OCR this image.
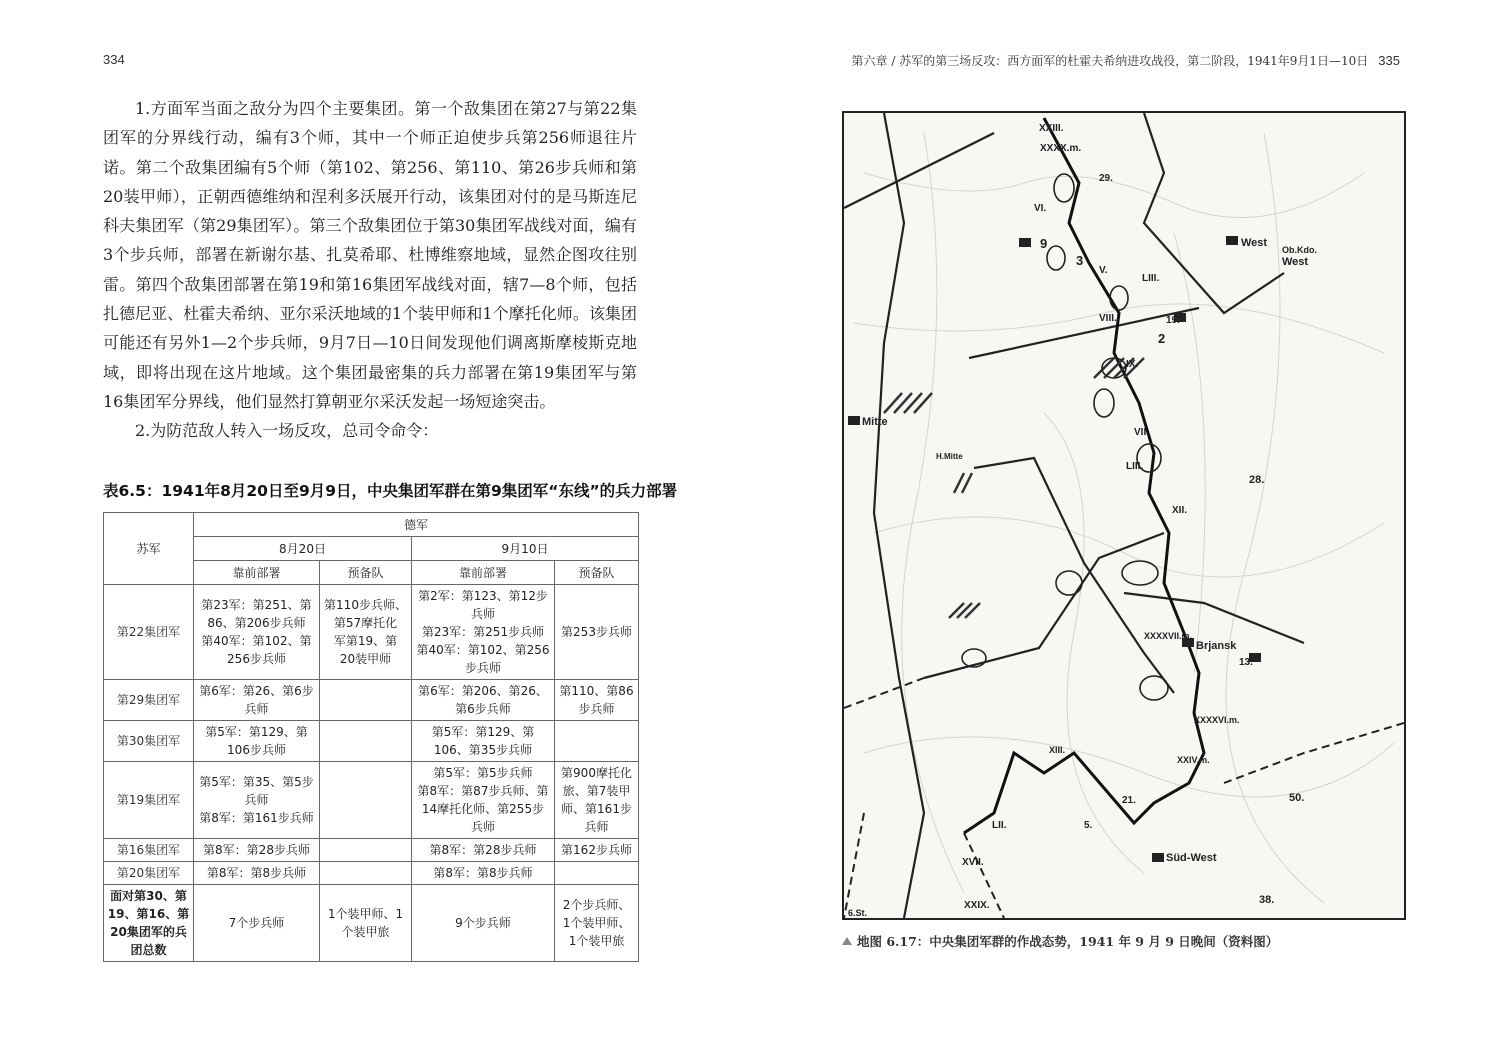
334	第六章 / 苏军的第三场反攻：西方面军的杜霍夫希纳进攻战役，第二阶段，1941年9月1日—10日 335

1.方面军当面之敌分为四个主要集团。第一个敌集团在第27与第22集团军的分界线行动，编有3个师，其中一个师正迫使步兵第256师退往片诺。第二个敌集团编有5个师（第102、第256、第110、第26步兵师和第20装甲师），正朝西德维纳和涅利多沃展开行动，该集团对付的是马斯连尼科夫集团军（第29集团军）。第三个敌集团位于第30集团军战线对面，编有3个步兵师，部署在新谢尔基、扎莫希耶、杜博维察地域，显然企图攻往别雷。第四个敌集团部署在第19和第16集团军战线对面，辖7—8个师，包括扎德尼亚、杜霍夫希纳、亚尔采沃地域的1个装甲师和1个摩托化师。该集团可能还有另外1—2个步兵师，9月7日—10日间发现他们调离斯摩棱斯克地域，即将出现在这片地域。这个集团最密集的兵力部署在第19集团军与第16集团军分界线，他们显然打算朝亚尔采沃发起一场短途突击。

2.为防范敌人转入一场反攻，总司令命令：

表6.5：1941年8月20日至9月9日，中央集团军群在第9集团军“东线”的兵力部署
苏军	德军			
	8月20日		9月10日	
	靠前部署	预备队	靠前部署	预备队
第22集团军	第23军：第251、第
86、第206步兵师
第40军：第102、第
256步兵师	第110步兵师、
第57摩托化
军第19、第
20装甲师	第2军：第123、第12步
兵师
第23军：第251步兵师
第40军：第102、第256
步兵师	第253步兵师
第29集团军	第6军：第26、第6步
兵师		第6军：第206、第26、
第6步兵师	第110、第86
步兵师
第30集团军	第5军：第129、第
106步兵师		第5军：第129、第
106、第35步兵师	
第19集团军	第5军：第35、第5步
兵师
第8军：第161步兵师		第5军：第5步兵师
第8军：第87步兵师、第
14摩托化师、第255步
兵师	第900摩托化
旅、第7装甲
师、第161步
兵师
第16集团军	第8军：第28步兵师		第8军：第28步兵师	第162步兵师
第20集团军	第8军：第8步兵师		第8军：第8步兵师	
面对第30、第
19、第16、第
20集团军的兵
团总数	7个步兵师	1个装甲师、1
个装甲旅	9个步兵师	2个步兵师、
1个装甲师、
1个装甲旅
XXIII.
XXXX.m.
29.
VI.
9
3
V.
LIII.
West
Ob.Kdo.
West
VIII.	19.
IX.
2
Mitte
H.Mitte
VII.
LIII.
28.
XII.
Brjansk
13.
XXXXVII.m.
XXXXVI.m.
XIII.
XXIV.m.
LII.
21.	50.
XVII.
5.
Süd-West
XXIX.	38.
6.St.
地图 6.17：中央集团军群的作战态势，1941 年 9 月 9 日晚间（资料图）
